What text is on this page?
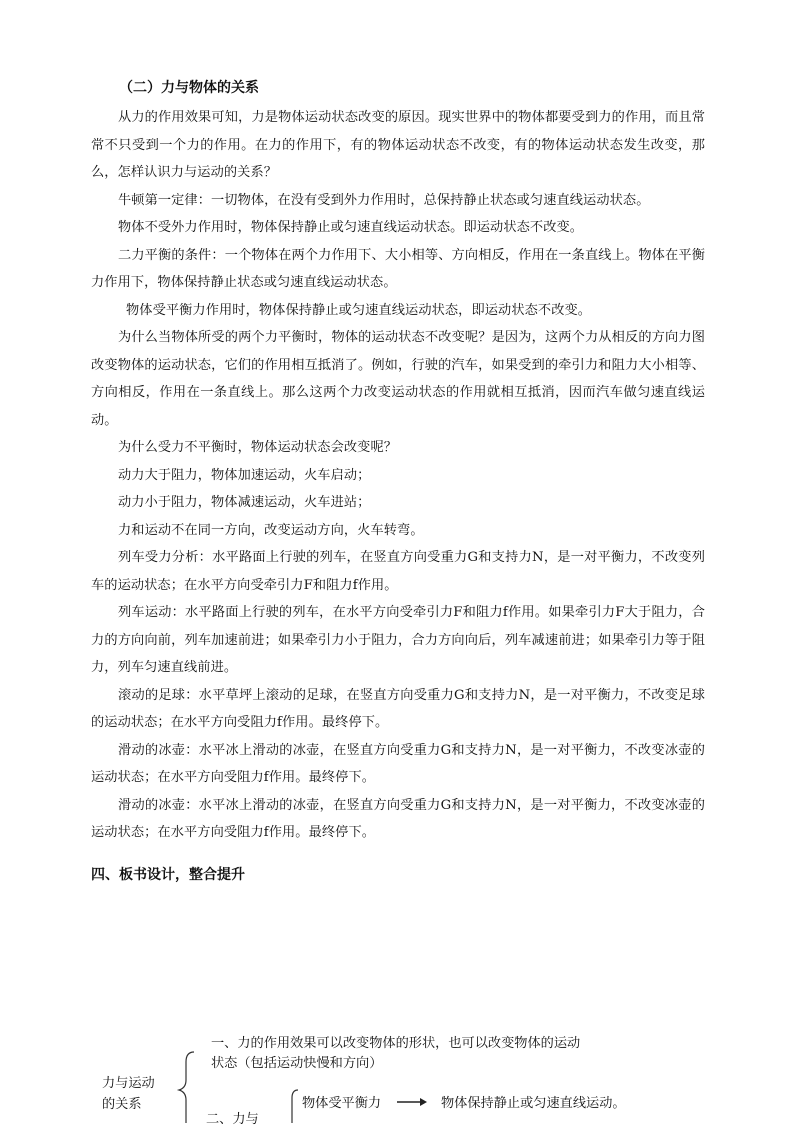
（二）力与物体的关系

从力的作用效果可知，力是物体运动状态改变的原因。现实世界中的物体都要受到力的作用，而且常常不只受到一个力的作用。在力的作用下，有的物体运动状态不改变，有的物体运动状态发生改变，那么，怎样认识力与运动的关系？

牛顿第一定律：一切物体，在没有受到外力作用时，总保持静止状态或匀速直线运动状态。

物体不受外力作用时，物体保持静止或匀速直线运动状态。即运动状态不改变。

二力平衡的条件：一个物体在两个力作用下、大小相等、方向相反，作用在一条直线上。物体在平衡力作用下，物体保持静止状态或匀速直线运动状态。

物体受平衡力作用时，物体保持静止或匀速直线运动状态，即运动状态不改变。

为什么当物体所受的两个力平衡时，物体的运动状态不改变呢？是因为，这两个力从相反的方向力图改变物体的运动状态，它们的作用相互抵消了。例如，行驶的汽车，如果受到的牵引力和阻力大小相等、方向相反，作用在一条直线上。那么这两个力改变运动状态的作用就相互抵消，因而汽车做匀速直线运动。

为什么受力不平衡时，物体运动状态会改变呢？

动力大于阻力，物体加速运动，火车启动；

动力小于阻力，物体减速运动，火车进站；

力和运动不在同一方向，改变运动方向，火车转弯。

列车受力分析：水平路面上行驶的列车，在竖直方向受重力G和支持力N，是一对平衡力，不改变列车的运动状态；在水平方向受牵引力F和阻力f作用。

列车运动：水平路面上行驶的列车，在水平方向受牵引力F和阻力f作用。如果牵引力F大于阻力，合力的方向向前，列车加速前进；如果牵引力小于阻力，合力方向向后，列车减速前进；如果牵引力等于阻力，列车匀速直线前进。

滚动的足球：水平草坪上滚动的足球，在竖直方向受重力G和支持力N，是一对平衡力，不改变足球的运动状态；在水平方向受阻力f作用。最终停下。

滑动的冰壶：水平冰上滑动的冰壶，在竖直方向受重力G和支持力N，是一对平衡力，不改变冰壶的运动状态；在水平方向受阻力f作用。最终停下。

滑动的冰壶：水平冰上滑动的冰壶，在竖直方向受重力G和支持力N，是一对平衡力，不改变冰壶的运动状态；在水平方向受阻力f作用。最终停下。

四、板书设计，整合提升
力与运动
的关系
一、力的作用效果可以改变物体的形状，也可以改变物体的运动
状态（包括运动快慢和方向）
二、力与
物体受平衡力	物体保持静止或匀速直线运动。
